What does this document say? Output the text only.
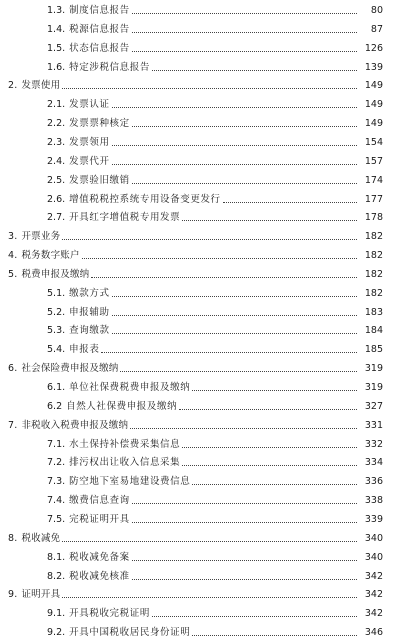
1.3. 制度信息报告	80
1.4. 税源信息报告	87
1.5. 状态信息报告	126
1.6. 特定涉税信息报告	139
2. 发票使用	149
2.1. 发票认证	149
2.2. 发票票种核定	149
2.3. 发票领用	154
2.4. 发票代开	157
2.5. 发票验旧缴销	174
2.6. 增值税税控系统专用设备变更发行	177
2.7. 开具红字增值税专用发票	178
3. 开票业务	182
4. 税务数字账户	182
5. 税费申报及缴纳	182
5.1. 缴款方式	182
5.2. 申报辅助	183
5.3. 查询缴款	184
5.4. 申报表	185
6. 社会保险费申报及缴纳	319
6.1. 单位社保费税费申报及缴纳	319
6.2 自然人社保费申报及缴纳	327
7. 非税收入税费申报及缴纳	331
7.1. 水土保持补偿费采集信息	332
7.2. 排污权出让收入信息采集	334
7.3. 防空地下室易地建设费信息	336
7.4. 缴费信息查询	338
7.5. 完税证明开具	339
8. 税收减免	340
8.1. 税收减免备案	340
8.2. 税收减免核准	342
9. 证明开具	342
9.1. 开具税收完税证明	342
9.2. 开具中国税收居民身份证明	346
